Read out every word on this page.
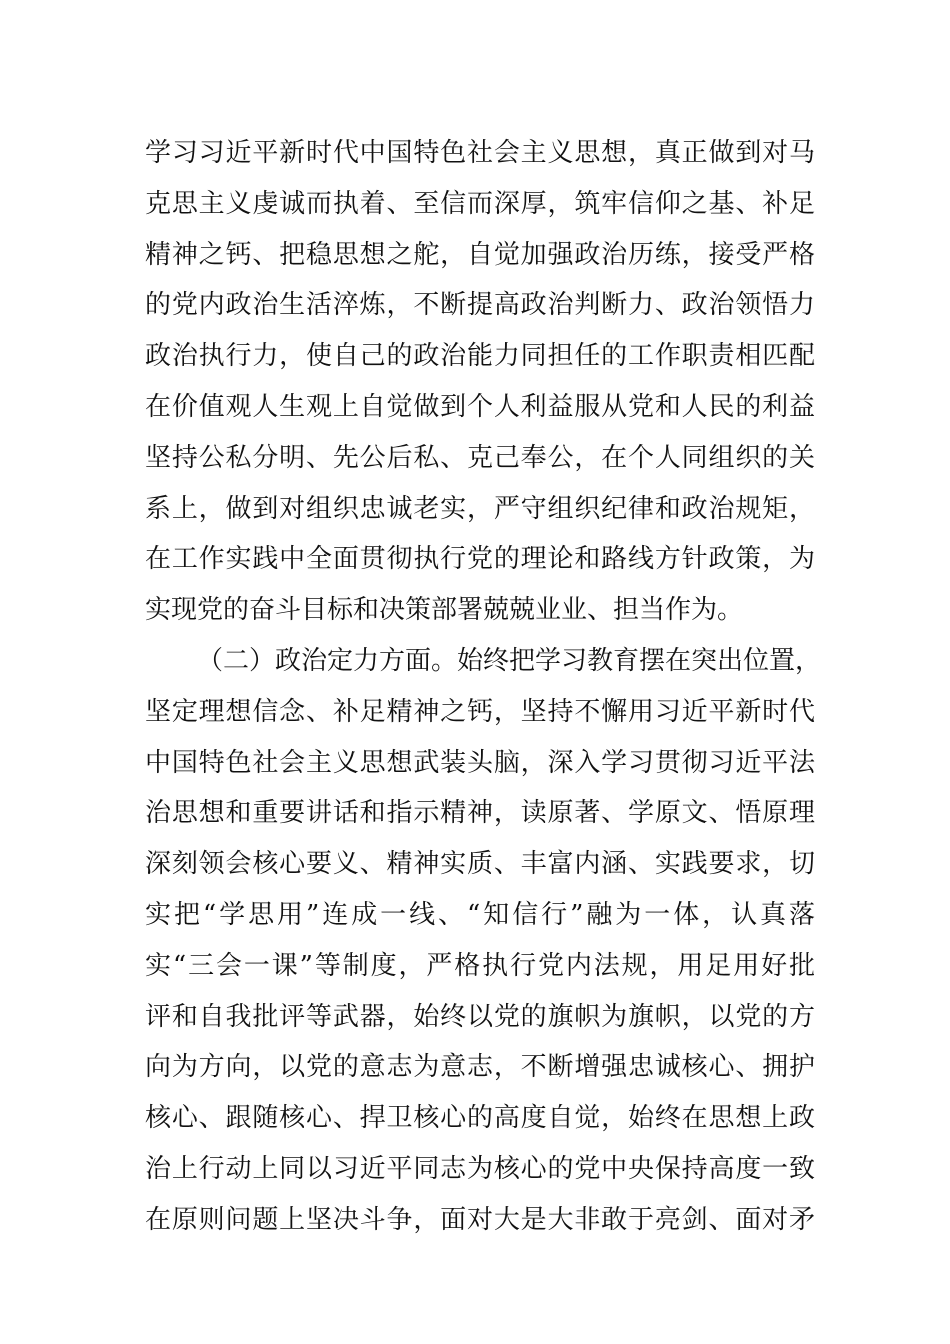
学习习近平新时代中国特色社会主义思想，真正做到对马
克思主义虔诚而执着、至信而深厚，筑牢信仰之基、补足
精神之钙、把稳思想之舵，自觉加强政治历练，接受严格
的党内政治生活淬炼，不断提高政治判断力、政治领悟力
政治执行力，使自己的政治能力同担任的工作职责相匹配
在价值观人生观上自觉做到个人利益服从党和人民的利益
坚持公私分明、先公后私、克己奉公，在个人同组织的关
系上，做到对组织忠诚老实，严守组织纪律和政治规矩，
在工作实践中全面贯彻执行党的理论和路线方针政策，为
实现党的奋斗目标和决策部署兢兢业业、担当作为。
（二）政治定力方面。始终把学习教育摆在突出位置，
坚定理想信念、补足精神之钙，坚持不懈用习近平新时代
中国特色社会主义思想武装头脑，深入学习贯彻习近平法
治思想和重要讲话和指示精神，读原著、学原文、悟原理
深刻领会核心要义、精神实质、丰富内涵、实践要求，切
实把“学思用”连成一线、“知信行”融为一体，认真落
实“三会一课”等制度，严格执行党内法规，用足用好批
评和自我批评等武器，始终以党的旗帜为旗帜，以党的方
向为方向，以党的意志为意志，不断增强忠诚核心、拥护
核心、跟随核心、捍卫核心的高度自觉，始终在思想上政
治上行动上同以习近平同志为核心的党中央保持高度一致
在原则问题上坚决斗争，面对大是大非敢于亮剑、面对矛
